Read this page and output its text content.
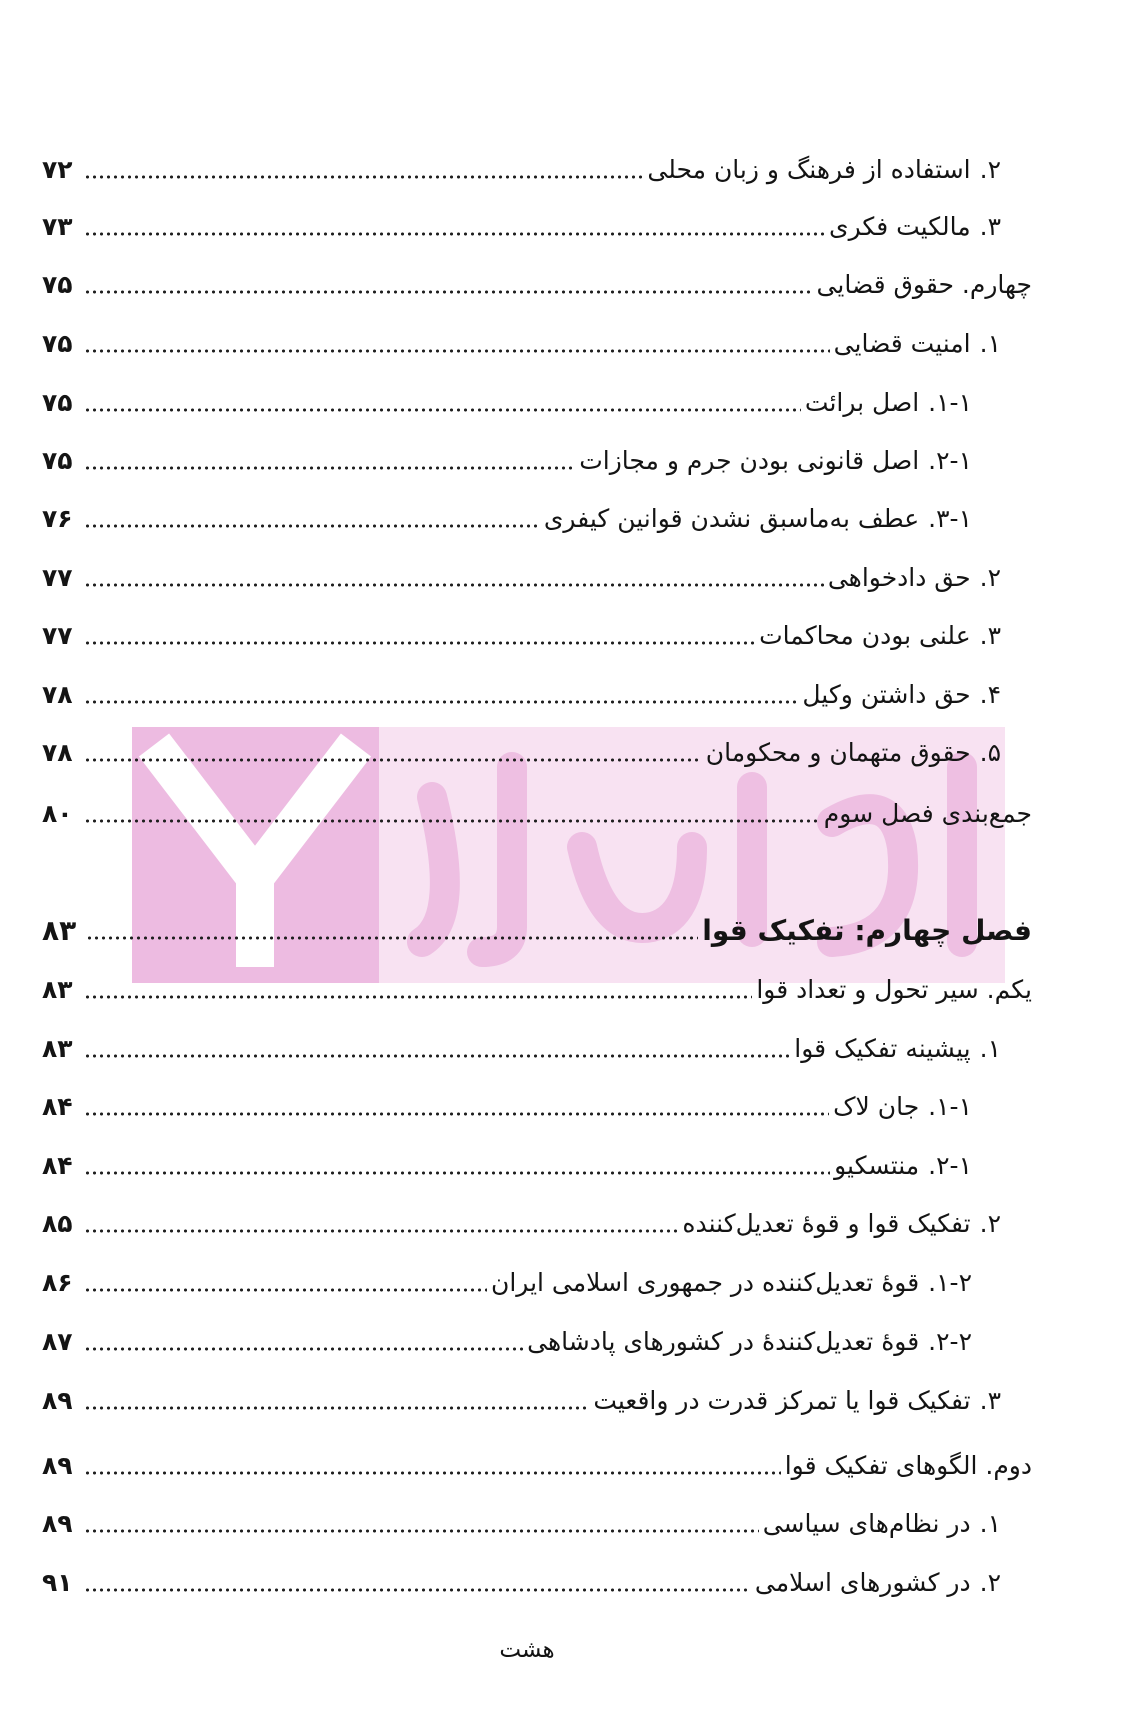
۲.
استفاده از فرهنگ و زبان محلی
۷۲
۳.
مالکیت فکری
۷۳
چهارم. حقوق قضایی
۷۵
۱.
امنیت قضایی
۷۵
۱-۱.
اصل برائت
۷۵
۱-۲.
اصل قانونی بودن جرم و مجازات
۷۵
۱-۳.
عطف به‌ماسبق نشدن قوانین کیفری
۷۶
۲.
حق دادخواهی
۷۷
۳.
علنی بودن محاکمات
۷۷
۴.
حق داشتن وکیل
۷۸
۵.
حقوق متهمان و محکومان
۷۸
جمع‌بندی فصل سوم
۸۰
فصل چهارم: تفکیک قوا
۸۳
یکم. سیر تحول و تعداد قوا
۸۳
۱.
پیشینه تفکیک قوا
۸۳
۱-۱.
جان لاک
۸۴
۱-۲.
منتسکیو
۸۴
۲.
تفکیک قوا و قوهٔ تعدیل‌کننده
۸۵
۲-۱.
قوهٔ تعدیل‌کننده در جمهوری اسلامی ایران
۸۶
۲-۲.
قوهٔ تعدیل‌کنندهٔ در کشورهای پادشاهی
۸۷
۳.
تفکیک قوا یا تمرکز قدرت در واقعیت
۸۹
دوم. الگوهای تفکیک قوا
۸۹
۱.
در نظام‌های سیاسی
۸۹
۲.
در کشورهای اسلامی
۹۱
هشت
